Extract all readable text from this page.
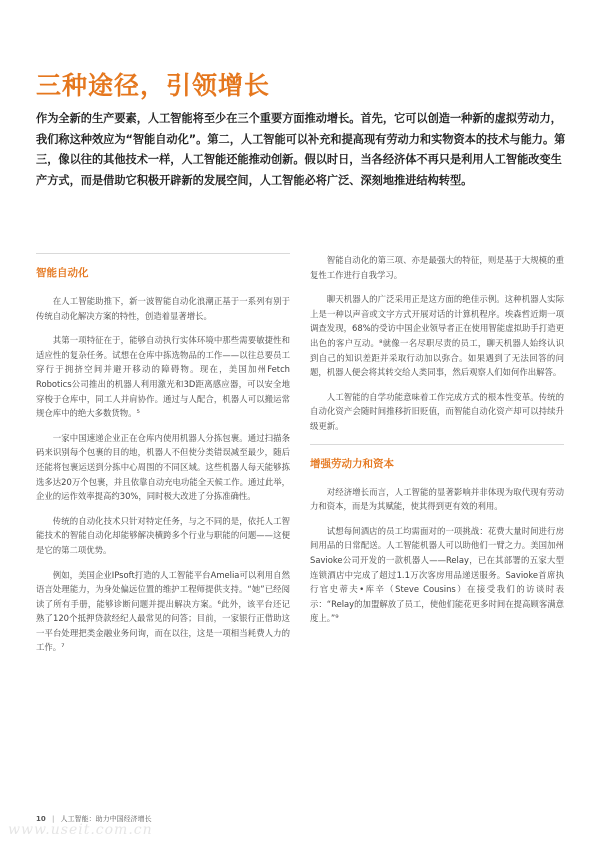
三种途径，引领增长

作为全新的生产要素，人工智能将至少在三个重要方面推动增长。首先，它可以创造一种新的虚拟劳动力，我们称这种效应为“智能自动化”。第二，人工智能可以补充和提高现有劳动力和实物资本的技术与能力。第三，像以往的其他技术一样，人工智能还能推动创新。假以时日，当各经济体不再只是利用人工智能改变生产方式，而是借助它积极开辟新的发展空间，人工智能必将广泛、深刻地推进结构转型。

智能自动化

在人工智能助推下，新一波智能自动化浪潮正基于一系列有别于传统自动化解决方案的特性，创造着显著增长。

其第一项特征在于，能够自动执行实体环境中那些需要敏捷性和适应性的复杂任务。试想在仓库中拣选物品的工作——以往总要员工穿行于拥挤空间并避开移动的障碍物。现在，美国加州Fetch Robotics公司推出的机器人利用激光和3D距离感应器，可以安全地穿梭于仓库中，同工人并肩协作。通过与人配合，机器人可以搬运常规仓库中的绝大多数货物。⁵

一家中国速递企业正在仓库内使用机器人分拣包裹。通过扫描条码来识别每个包裹的目的地，机器人不但使分类错误减至最少，随后还能将包裹运送到分拣中心周围的不同区域。这些机器人每天能够拣选多达20万个包裹，并且依靠自动充电功能全天候工作。通过此举，企业的运作效率提高约30%，同时极大改进了分拣准确性。

传统的自动化技术只针对特定任务，与之不同的是，依托人工智能技术的智能自动化却能够解决横跨多个行业与职能的问题——这便是它的第二项优势。

例如，美国企业IPsoft打造的人工智能平台Amelia可以利用自然语言处理能力，为身处偏远位置的维护工程师提供支持。“她”已经阅读了所有手册，能够诊断问题并提出解决方案。⁶此外，该平台还记熟了120个抵押贷款经纪人最常见的问答；目前，一家银行正借助这一平台处理把类金融业务问询，而在以往，这是一项相当耗费人力的工作。⁷

智能自动化的第三项、亦是最强大的特征，则是基于大规模的重复性工作进行自我学习。

聊天机器人的广泛采用正是这方面的绝佳示例。这种机器人实际上是一种以声音或文字方式开展对话的计算机程序。埃森哲近期一项调查发现，68%的受访中国企业领导者正在使用智能虚拟助手打造更出色的客户互动。⁸就像一名尽职尽责的员工，聊天机器人始终认识到自己的知识差距并采取行动加以弥合。如果遇到了无法回答的问题，机器人便会将其转交给人类同事，然后观察人们如何作出解答。

人工智能的自学功能意味着工作完成方式的根本性变革。传统的自动化资产会随时间推移折旧贬值，而智能自动化资产却可以持续升级更新。

增强劳动力和资本

对经济增长而言，人工智能的显著影响并非体现为取代现有劳动力和资本，而是为其赋能，使其得到更有效的利用。

试想每间酒店的员工均需面对的一项挑战：花费大量时间进行房间用品的日常配送。人工智能机器人可以助他们一臂之力。美国加州Savioke公司开发的一款机器人——Relay，已在其部署的五家大型连锁酒店中完成了超过1.1万次客房用品递送服务。Savioke首席执行官史蒂夫•库辛（Steve Cousins）在接受我们的访谈时表示：“Relay的加盟解放了员工，使他们能花更多时间在提高顾客满意度上。”⁹

10 | 人工智能：助力中国经济增长
www.useit.com.cn
